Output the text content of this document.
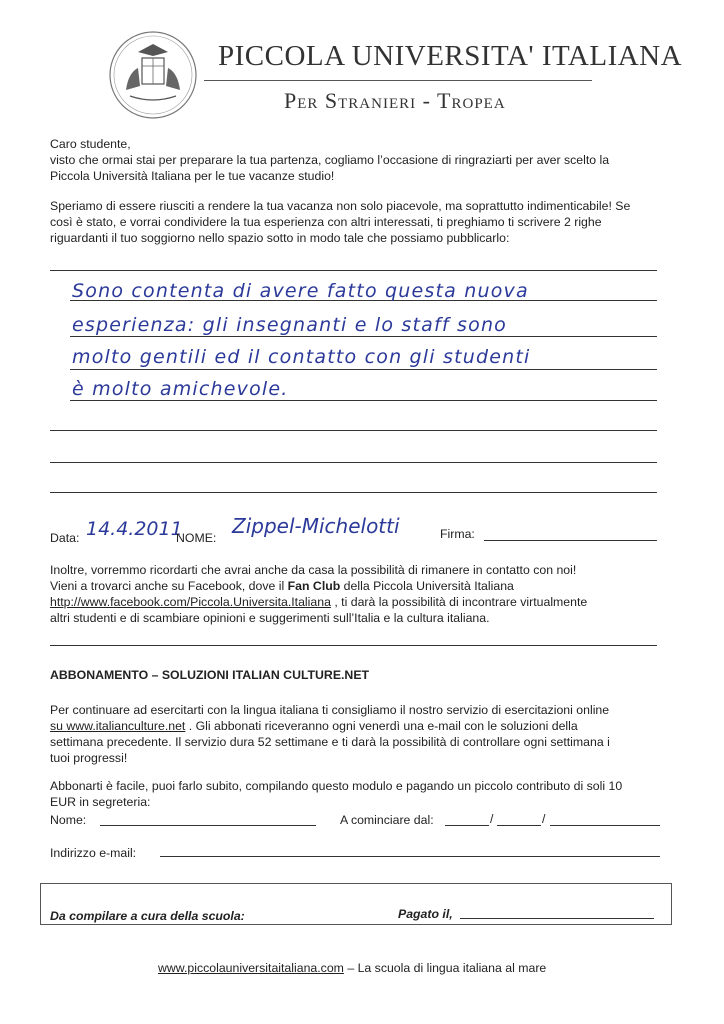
PICCOLA UNIVERSITA' ITALIANA
Per Stranieri - Tropea

Caro studente,

visto che ormai stai per preparare la tua partenza, cogliamo l’occasione di ringraziarti per aver scelto la

Piccola Università Italiana per le tue vacanze studio!

Speriamo di essere riusciti a rendere la tua vacanza non solo piacevole, ma soprattutto indimenticabile! Se

così è stato, e vorrai condividere la tua esperienza con altri interessati, ti preghiamo ti scrivere 2 righe

riguardanti il tuo soggiorno nello spazio sotto in modo tale che possiamo pubblicarlo:

Sono contenta di avere fatto questa nuova
esperienza: gli insegnanti e lo staff sono
molto gentili ed il contatto con gli studenti
è molto amichevole.
Data: 14.4.2011
NOME: Zippel-Michelotti	Firma:

Inoltre, vorremmo ricordarti che avrai anche da casa la possibilità di rimanere in contatto con noi!

Vieni a trovarci anche su Facebook, dove il Fan Club della Piccola Università Italiana

http://www.facebook.com/Piccola.Universita.Italiana , ti darà la possibilità di incontrare virtualmente

altri studenti e di scambiare opinioni e suggerimenti sull’Italia e la cultura italiana.

ABBONAMENTO – SOLUZIONI ITALIAN CULTURE.NET

Per continuare ad esercitarti con la lingua italiana ti consigliamo il nostro servizio di esercitazioni online

su www.italianculture.net . Gli abbonati riceveranno ogni venerdì una e-mail con le soluzioni della

settimana precedente. Il servizio dura 52 settimane e ti darà la possibilità di controllare ogni settimana i

tuoi progressi!

Abbonarti è facile, puoi farlo subito, compilando questo modulo e pagando un piccolo contributo di soli 10

EUR in segreteria:

Nome:	A cominciare dal:	/	/
Indirizzo e-mail:
Da compilare a cura della scuola:	Pagato il,
www.piccolauniversitaitaliana.com – La scuola di lingua italiana al mare
